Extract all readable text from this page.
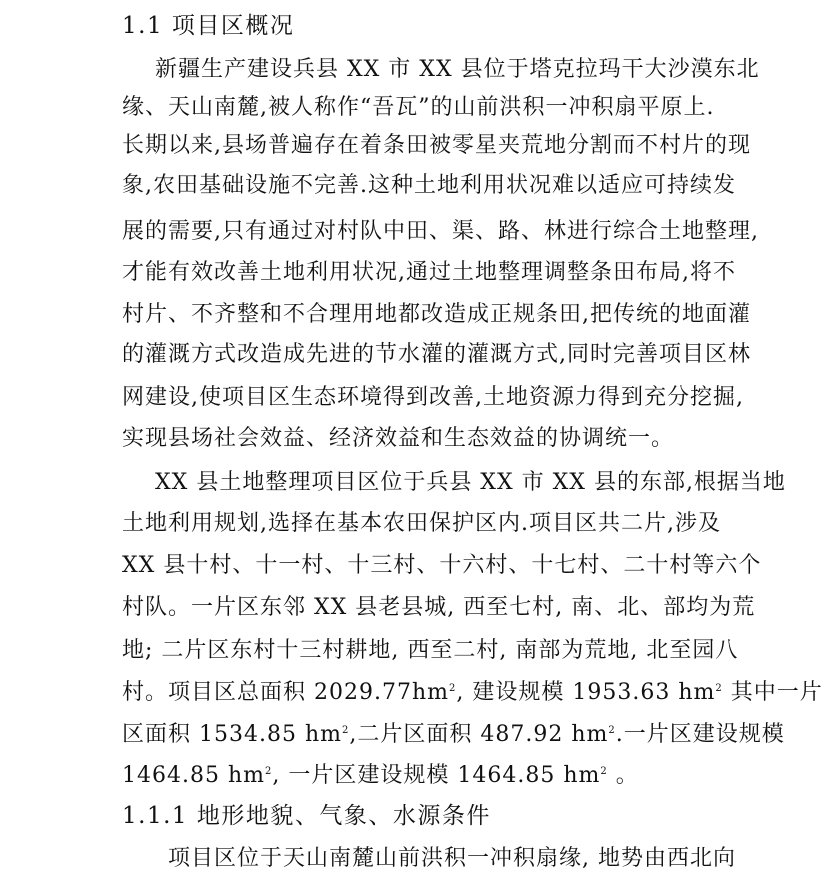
1.1 项目区概况
新疆生产建设兵县 XX 市 XX 县位于塔克拉玛干大沙漠东北
缘、天山南麓,被人称作“吾瓦”的山前洪积一冲积扇平原上.
长期以来,县场普遍存在着条田被零星夹荒地分割而不村片的现
象,农田基础设施不完善.这种土地利用状况难以适应可持续发
展的需要,只有通过对村队中田、渠、路、林进行综合土地整理,
才能有效改善土地利用状况,通过土地整理调整条田布局,将不
村片、不齐整和不合理用地都改造成正规条田,把传统的地面灌
的灌溉方式改造成先进的节水灌的灌溉方式,同时完善项目区林
网建设,使项目区生态环境得到改善,土地资源力得到充分挖掘,
实现县场社会效益、经济效益和生态效益的协调统一。
XX 县土地整理项目区位于兵县 XX 市 XX 县的东部,根据当地
土地利用规划,选择在基本农田保护区内.项目区共二片,涉及
XX 县十村、十一村、十三村、十六村、十七村、二十村等六个
村队。一片区东邻 XX 县老县城, 西至七村, 南、北、部均为荒
地; 二片区东村十三村耕地, 西至二村, 南部为荒地, 北至园八
村。项目区总面积 $2029.77hm^2$, 建设规模 1953.63 $hm^2$ 其中一片
区面积 1534.85 $hm^2$,二片区面积 487.92 $hm^2$.一片区建设规模
1464.85 $hm^2$, 一片区建设规模 1464.85 $hm^2$ 。
1.1.1 地形地貌、气象、水源条件
项目区位于天山南麓山前洪积一冲积扇缘, 地势由西北向
